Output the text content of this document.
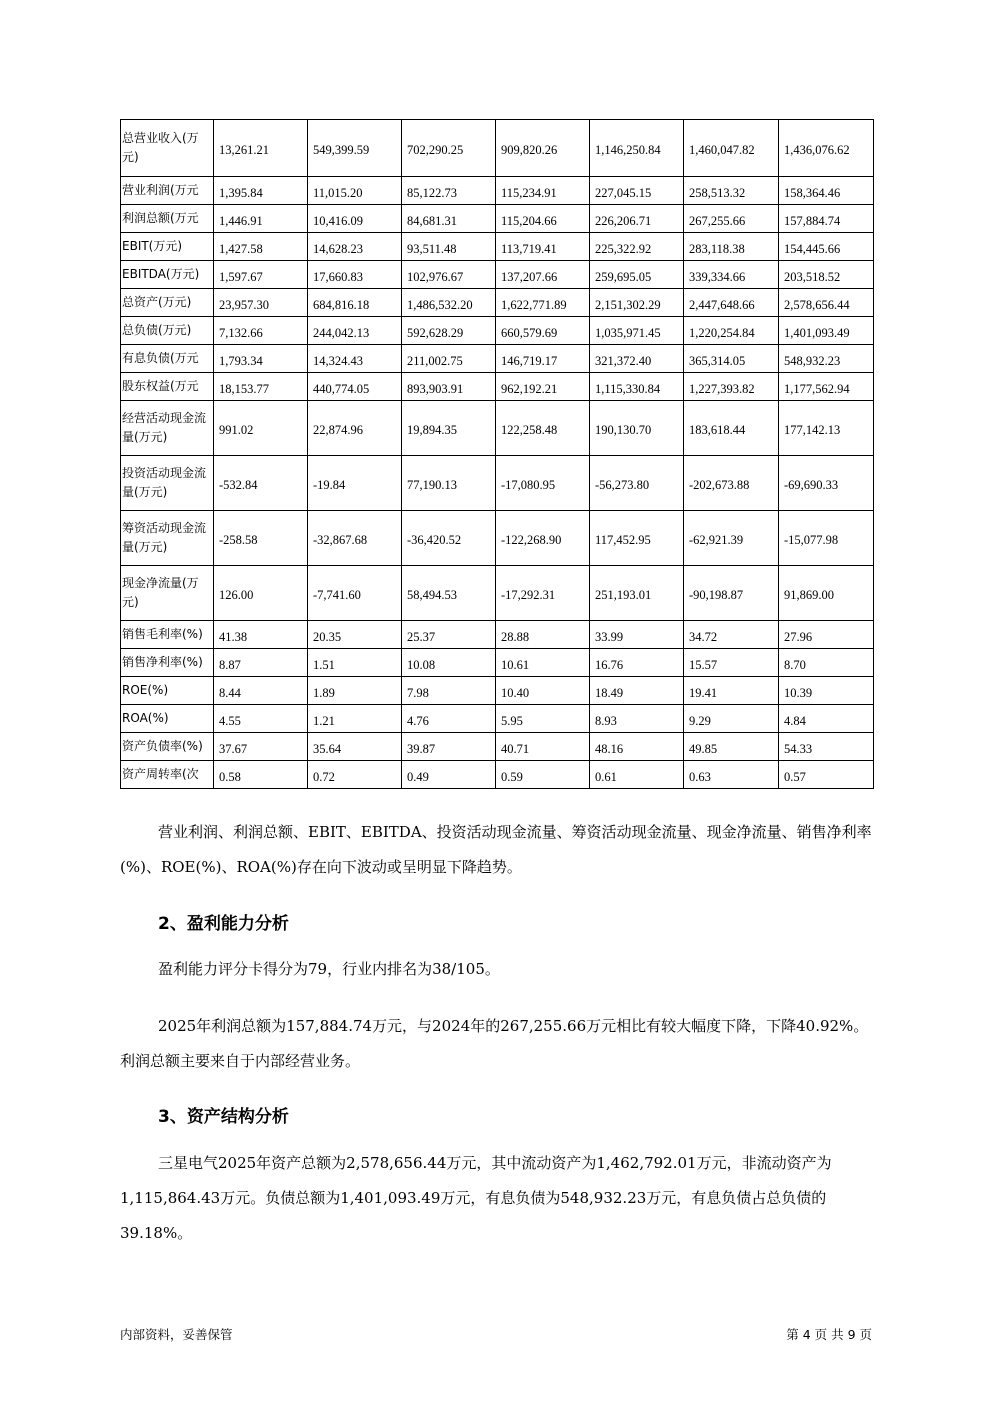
总营业收入(万元)	13,261.21	549,399.59	702,290.25	909,820.26	1,146,250.84	1,460,047.82	1,436,076.62
营业利润(万元	1,395.84	11,015.20	85,122.73	115,234.91	227,045.15	258,513.32	158,364.46
利润总额(万元	1,446.91	10,416.09	84,681.31	115,204.66	226,206.71	267,255.66	157,884.74
EBIT(万元)	1,427.58	14,628.23	93,511.48	113,719.41	225,322.92	283,118.38	154,445.66
EBITDA(万元)	1,597.67	17,660.83	102,976.67	137,207.66	259,695.05	339,334.66	203,518.52
总资产(万元)	23,957.30	684,816.18	1,486,532.20	1,622,771.89	2,151,302.29	2,447,648.66	2,578,656.44
总负债(万元)	7,132.66	244,042.13	592,628.29	660,579.69	1,035,971.45	1,220,254.84	1,401,093.49
有息负债(万元	1,793.34	14,324.43	211,002.75	146,719.17	321,372.40	365,314.05	548,932.23
股东权益(万元	18,153.77	440,774.05	893,903.91	962,192.21	1,115,330.84	1,227,393.82	1,177,562.94
经营活动现金流量(万元)	991.02	22,874.96	19,894.35	122,258.48	190,130.70	183,618.44	177,142.13
投资活动现金流量(万元)	-532.84	-19.84	77,190.13	-17,080.95	-56,273.80	-202,673.88	-69,690.33
筹资活动现金流量(万元)	-258.58	-32,867.68	-36,420.52	-122,268.90	117,452.95	-62,921.39	-15,077.98
现金净流量(万元)	126.00	-7,741.60	58,494.53	-17,292.31	251,193.01	-90,198.87	91,869.00
销售毛利率(%)	41.38	20.35	25.37	28.88	33.99	34.72	27.96
销售净利率(%)	8.87	1.51	10.08	10.61	16.76	15.57	8.70
ROE(%)	8.44	1.89	7.98	10.40	18.49	19.41	10.39
ROA(%)	4.55	1.21	4.76	5.95	8.93	9.29	4.84
资产负债率(%)	37.67	35.64	39.87	40.71	48.16	49.85	54.33
资产周转率(次	0.58	0.72	0.49	0.59	0.61	0.63	0.57

营业利润、利润总额、EBIT、EBITDA、投资活动现金流量、筹资活动现金流量、现金净流量、销售净利率(%)、ROE(%)、ROA(%)存在向下波动或呈明显下降趋势。

2、盈利能力分析

盈利能力评分卡得分为79，行业内排名为38/105。

2025年利润总额为157,884.74万元，与2024年的267,255.66万元相比有较大幅度下降，下降40.92%。利润总额主要来自于内部经营业务。

3、资产结构分析

三星电气2025年资产总额为2,578,656.44万元，其中流动资产为1,462,792.01万元，非流动资产为1,115,864.43万元。负债总额为1,401,093.49万元，有息负债为548,932.23万元，有息负债占总负债的39.18%。

内部资料，妥善保管	第 4 页 共 9 页
